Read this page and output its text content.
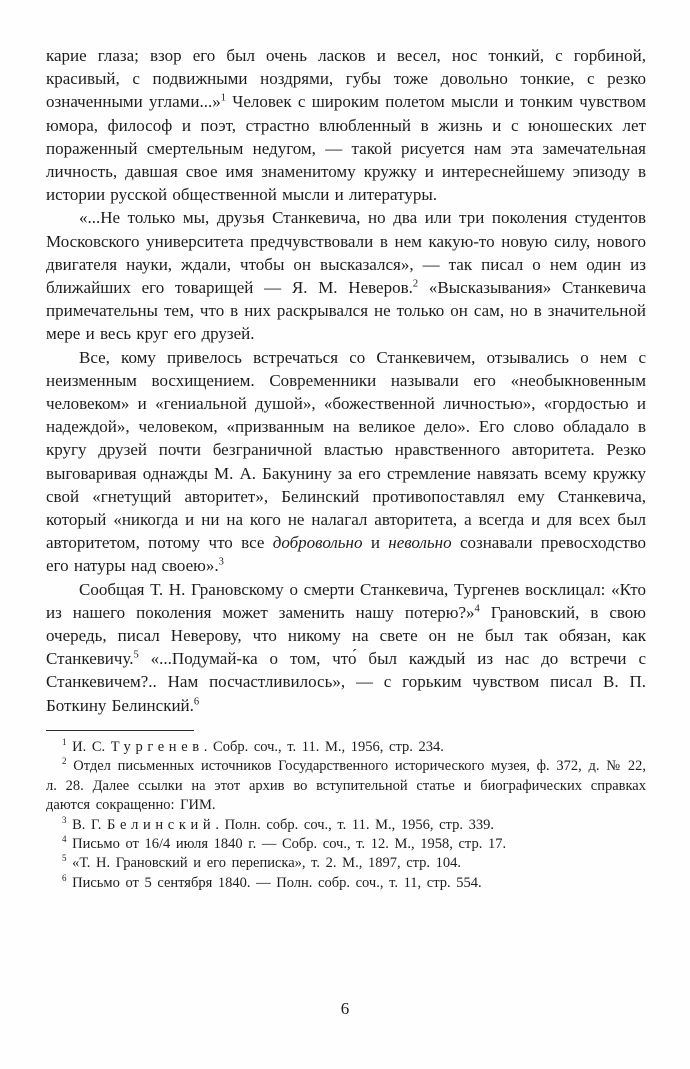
карие глаза; взор его был очень ласков и весел, нос тонкий, с горбиной, красивый, с подвижными ноздрями, губы тоже довольно тонкие, с резко означенными углами...»$^1$ Человек с широким полетом мысли и тонким чувством юмора, философ и поэт, страстно влюбленный в жизнь и с юношеских лет пораженный смертельным недугом, — такой рисуется нам эта замечательная личность, давшая свое имя знаменитому кружку и интереснейшему эпизоду в истории русской общественной мысли и литературы.

«...Не только мы, друзья Станкевича, но два или три поколения студентов Московского университета предчувствовали в нем какую-то новую силу, нового двигателя науки, ждали, чтобы он высказался», — так писал о нем один из ближайших его товарищей — Я. М. Неверов.$^2$ «Высказывания» Станкевича примечательны тем, что в них раскрывался не только он сам, но в значительной мере и весь круг его друзей.

Все, кому привелось встречаться со Станкевичем, отзывались о нем с неизменным восхищением. Современники называли его «необыкновенным человеком» и «гениальной душой», «божественной личностью», «гордостью и надеждой», человеком, «призванным на великое дело». Его слово обладало в кругу друзей почти безграничной властью нравственного авторитета. Резко выговаривая однажды М. А. Бакунину за его стремление навязать всему кружку свой «гнетущий авторитет», Белинский противопоставлял ему Станкевича, который «никогда и ни на кого не налагал авторитета, а всегда и для всех был авторитетом, потому что все добровольно и невольно сознавали превосходство его натуры над своею».$^3$

Сообщая Т. Н. Грановскому о смерти Станкевича, Тургенев восклицал: «Кто из нашего поколения может заменить нашу потерю?»$^4$ Грановский, в свою очередь, писал Неверову, что никому на свете он не был так обязан, как Станкевичу.$^5$ «...Подумай-ка о том, что́ был каждый из нас до встречи с Станкевичем?.. Нам посчастливилось», — с горьким чувством писал В. П. Боткину Белинский.$^6$

$^1$ И. С. Тургенев. Собр. соч., т. 11. М., 1956, стр. 234.

$^2$ Отдел письменных источников Государственного исторического музея, ф. 372, д. № 22, л. 28. Далее ссылки на этот архив во вступительной статье и биографических справках даются сокращенно: ГИМ.

$^3$ В. Г. Белинский. Полн. собр. соч., т. 11. М., 1956, стр. 339.

$^4$ Письмо от 16/4 июля 1840 г. — Собр. соч., т. 12. М., 1958, стр. 17.

$^5$ «Т. Н. Грановский и его переписка», т. 2. М., 1897, стр. 104.

$^6$ Письмо от 5 сентября 1840. — Полн. собр. соч., т. 11, стр. 554.

6
